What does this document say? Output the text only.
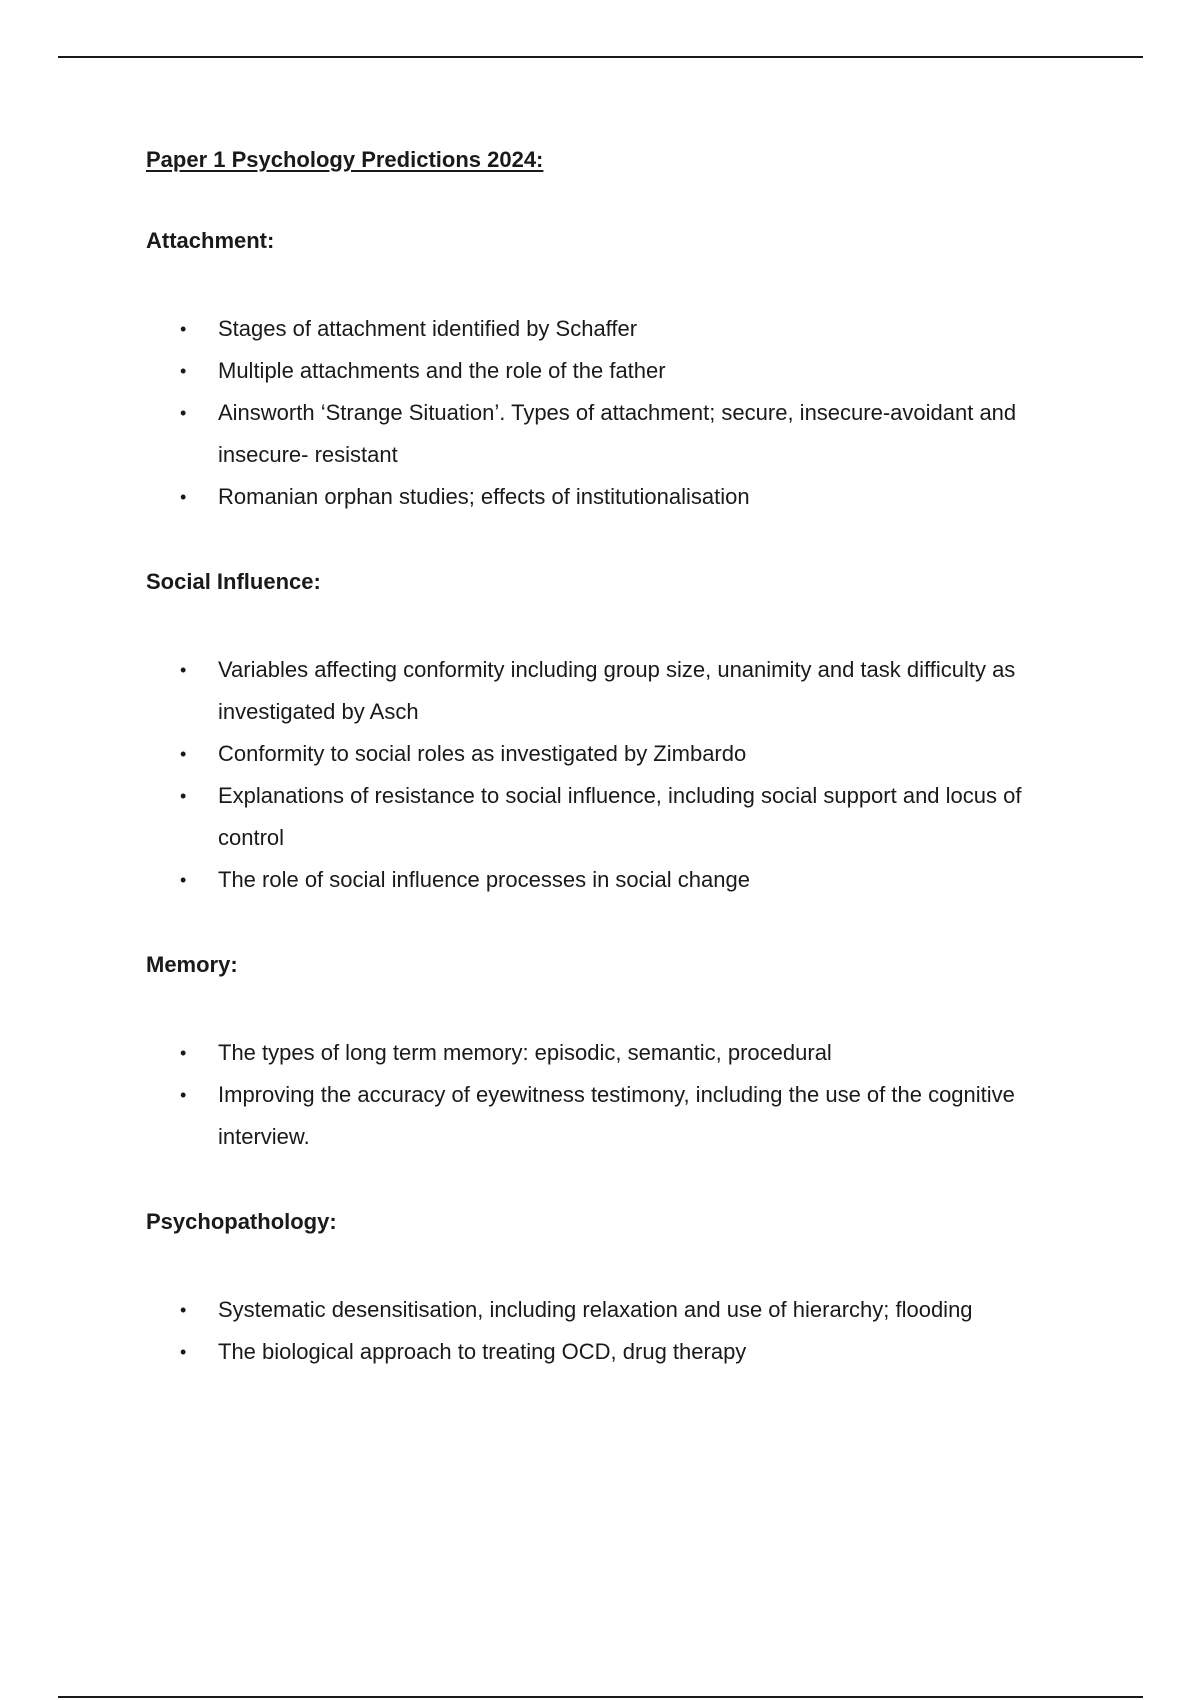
Paper 1 Psychology Predictions 2024:
Attachment:
• Stages of attachment identified by Schaffer
• Multiple attachments and the role of the father
• Ainsworth ‘Strange Situation’. Types of attachment; secure, insecure-avoidant and insecure- resistant
• Romanian orphan studies; effects of institutionalisation
Social Influence:
• Variables affecting conformity including group size, unanimity and task difficulty as investigated by Asch
• Conformity to social roles as investigated by Zimbardo
• Explanations of resistance to social influence, including social support and locus of control
• The role of social influence processes in social change
Memory:
• The types of long term memory: episodic, semantic, procedural
• Improving the accuracy of eyewitness testimony, including the use of the cognitive interview.
Psychopathology:
• Systematic desensitisation, including relaxation and use of hierarchy; flooding
• The biological approach to treating OCD, drug therapy
